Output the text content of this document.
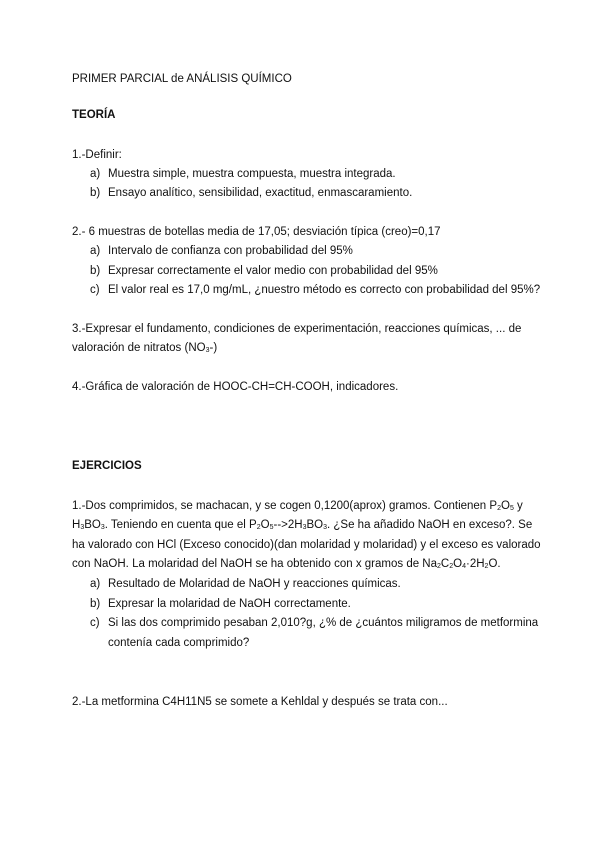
PRIMER PARCIAL de ANÁLISIS QUÍMICO
TEORÍA
1.-Definir:
a) Muestra simple, muestra compuesta, muestra integrada.
b) Ensayo analítico, sensibilidad, exactitud, enmascaramiento.
2.- 6 muestras de botellas media de 17,05; desviación típica (creo)=0,17
a) Intervalo de confianza con probabilidad del 95%
b) Expresar correctamente el valor medio con probabilidad del 95%
c) El valor real es 17,0 mg/mL, ¿nuestro método es correcto con probabilidad del 95%?
3.-Expresar el fundamento, condiciones de experimentación, reacciones químicas, ... de
valoración de nitratos $(NO_3-)$
4.-Gráfica de valoración de HOOC-CH=CH-COOH, indicadores.
EJERCICIOS
1.-Dos comprimidos, se machacan, y se cogen 0,1200(aprox) gramos. Contienen $P_2O_5$ y
$H_3BO_3$. Teniendo en cuenta que el $P_2O_5-->2H_3BO_3$. ¿Se ha añadido NaOH en exceso?. Se
ha valorado con HCl (Exceso conocido)(dan molaridad y molaridad) y el exceso es valorado
con NaOH. La molaridad del NaOH se ha obtenido con x gramos de $Na_2C_2O_4\cdot 2H_2O$.
a) Resultado de Molaridad de NaOH y reacciones químicas.
b) Expresar la molaridad de NaOH correctamente.
c) Si las dos comprimido pesaban 2,010?g, ¿% de ¿cuántos miligramos de metformina
contenía cada comprimido?
2.-La metformina C4H11N5 se somete a Kehldal y después se trata con...
